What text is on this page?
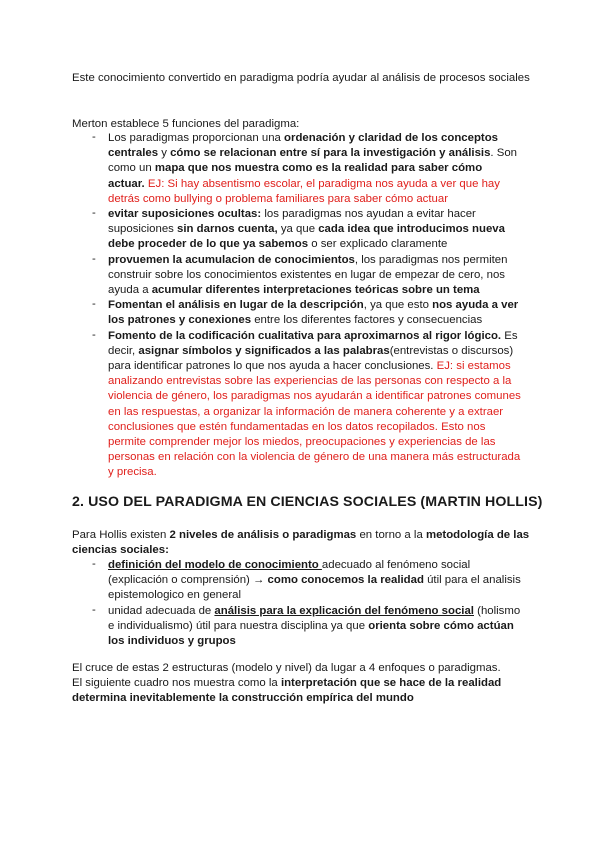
Este conocimiento convertido en paradigma podría ayudar al análisis de procesos sociales

Merton establece 5 funciones del paradigma:

- Los paradigmas proporcionan una ordenación y claridad de los conceptos centrales y cómo se relacionan entre sí para la investigación y análisis. Son como un mapa que nos muestra como es la realidad para saber cómo actuar. EJ: Si hay absentismo escolar, el paradigma nos ayuda a ver que hay detrás como bullying o problema familiares para saber cómo actuar

- evitar suposiciones ocultas: los paradigmas nos ayudan a evitar hacer suposiciones sin darnos cuenta, ya que cada idea que introducimos nueva debe proceder de lo que ya sabemos o ser explicado claramente

- provuemen la acumulacion de conocimientos, los paradigmas nos permiten construir sobre los conocimientos existentes en lugar de empezar de cero, nos ayuda a acumular diferentes interpretaciones teóricas sobre un tema

- Fomentan el análisis en lugar de la descripción, ya que esto nos ayuda a ver los patrones y conexiones entre los diferentes factores y consecuencias

- Fomento de la codificación cualitativa para aproximarnos al rigor lógico. Es decir, asignar símbolos y significados a las palabras(entrevistas o discursos) para identificar patrones lo que nos ayuda a hacer conclusiones. EJ: si estamos analizando entrevistas sobre las experiencias de las personas con respecto a la violencia de género, los paradigmas nos ayudarán a identificar patrones comunes en las respuestas, a organizar la información de manera coherente y a extraer conclusiones que estén fundamentadas en los datos recopilados. Esto nos permite comprender mejor los miedos, preocupaciones y experiencias de las personas en relación con la violencia de género de una manera más estructurada y precisa.

2. USO DEL PARADIGMA EN CIENCIAS SOCIALES (MARTIN HOLLIS)

Para Hollis existen 2 niveles de análisis o paradigmas en torno a la metodología de las ciencias sociales:

- definición del modelo de conocimiento adecuado al fenómeno social (explicación o comprensión) → como conocemos la realidad útil para el analisis epistemologico en general

- unidad adecuada de análisis para la explicación del fenómeno social (holismo e individualismo) útil para nuestra disciplina ya que orienta sobre cómo actúan los individuos y grupos

El cruce de estas 2 estructuras (modelo y nivel) da lugar a 4 enfoques o paradigmas.

El siguiente cuadro nos muestra como la interpretación que se hace de la realidad determina inevitablemente la construcción empírica del mundo
